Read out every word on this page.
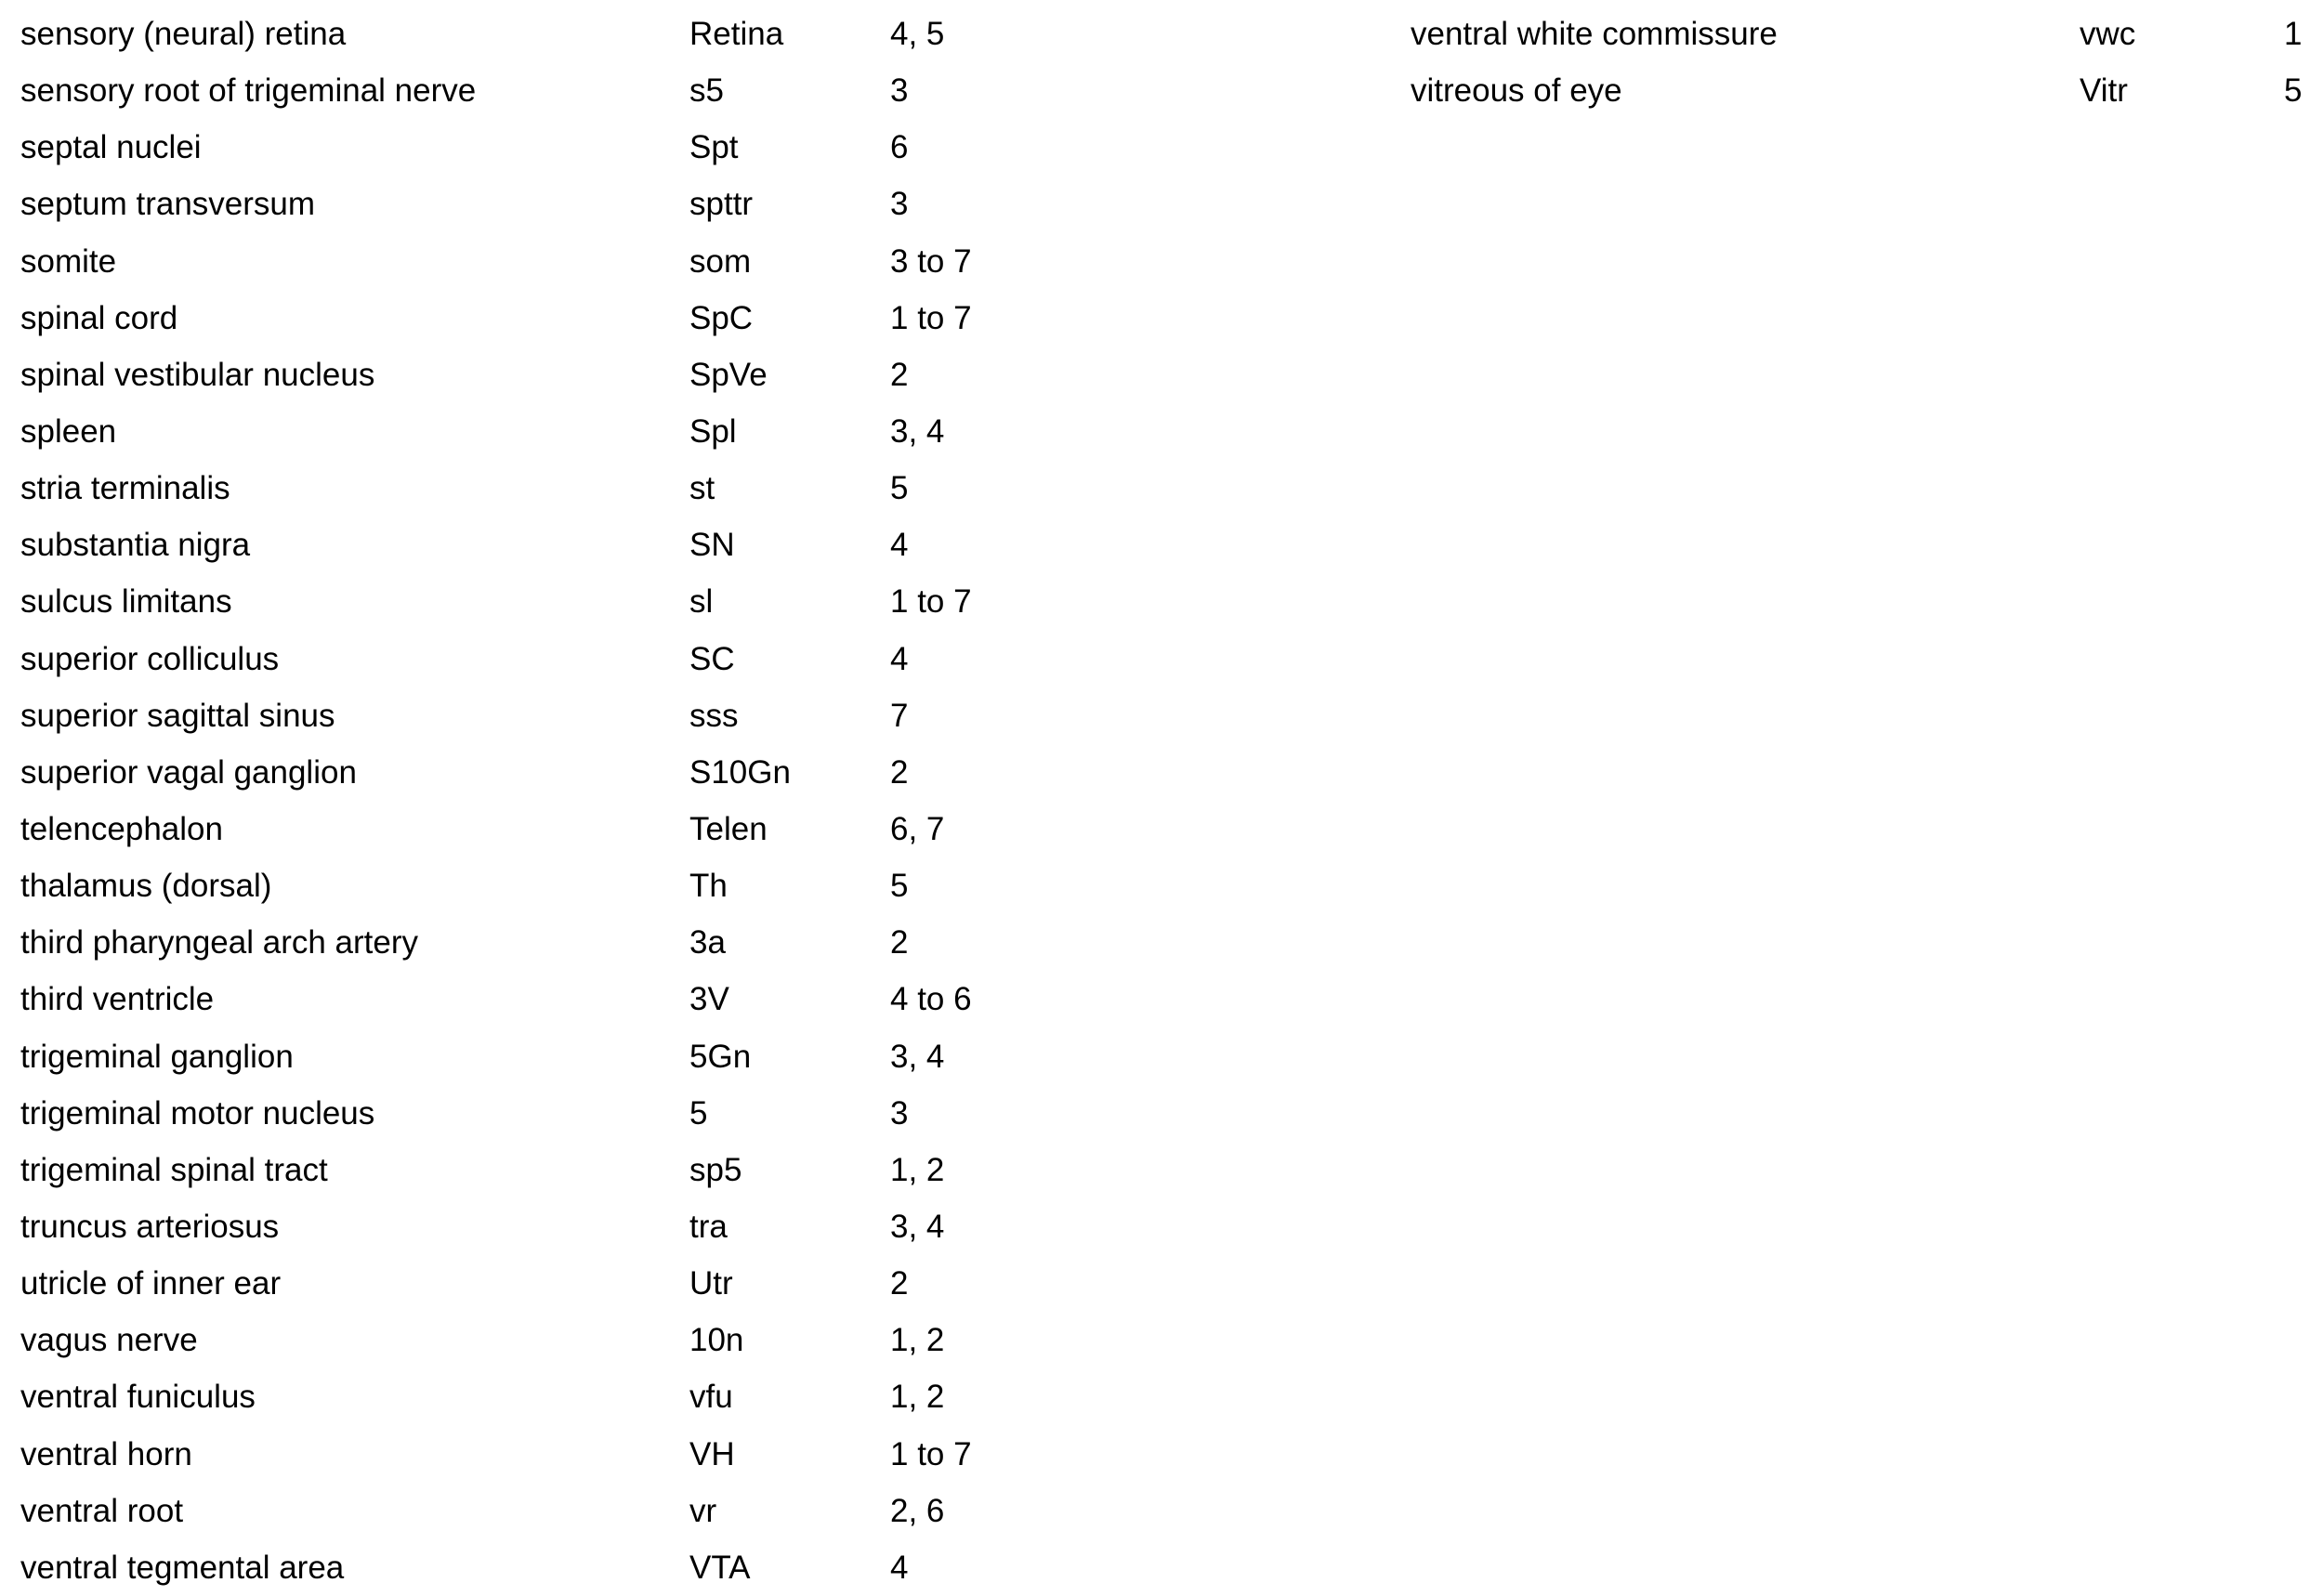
sensory (neural) retina	Retina	4, 5
sensory root of trigeminal nerve	s5	3
septal nuclei	Spt	6
septum transversum	spttr	3
somite	som	3 to 7
spinal cord	SpC	1 to 7
spinal vestibular nucleus	SpVe	2
spleen	Spl	3, 4
stria terminalis	st	5
substantia nigra	SN	4
sulcus limitans	sl	1 to 7
superior colliculus	SC	4
superior sagittal sinus	sss	7
superior vagal ganglion	S10Gn	2
telencephalon	Telen	6, 7
thalamus (dorsal)	Th	5
third pharyngeal arch artery	3a	2
third ventricle	3V	4 to 6
trigeminal ganglion	5Gn	3, 4
trigeminal motor nucleus	5	3
trigeminal spinal tract	sp5	1, 2
truncus arteriosus	tra	3, 4
utricle of inner ear	Utr	2
vagus nerve	10n	1, 2
ventral funiculus	vfu	1, 2
ventral horn	VH	1 to 7
ventral root	vr	2, 6
ventral tegmental area	VTA	4
ventral white commissure	vwc	1
vitreous of eye	Vitr	5
